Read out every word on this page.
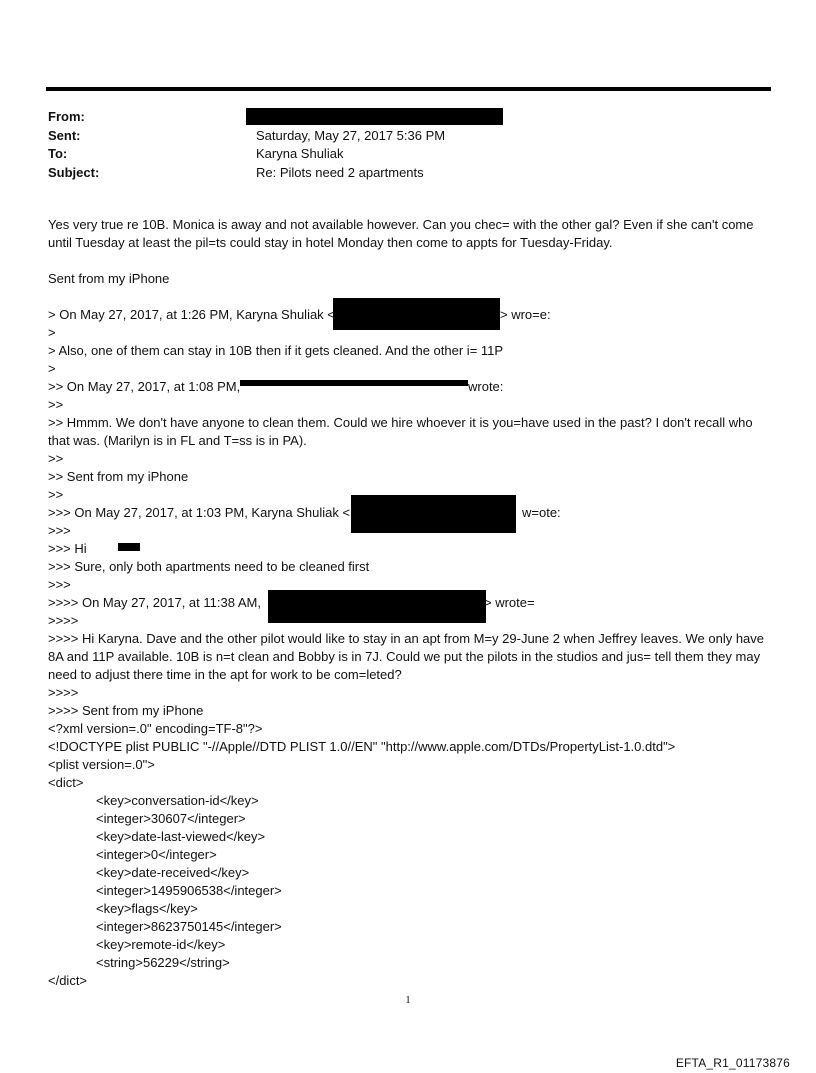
From:
Sent:	Saturday, May 27, 2017 5:36 PM
To:	Karyna Shuliak
Subject:	Re: Pilots need 2 apartments

Yes very true re 10B. Monica is away and not available however. Can you chec= with the other gal? Even if she can't come until Tuesday at least the pil=ts could stay in hotel Monday then come to appts for Tuesday-Friday.

Sent from my iPhone
> On May 27, 2017, at 1:26 PM, Karyna Shuliak <	> wro=e:
>
> Also, one of them can stay in 10B then if it gets cleaned. And the other i= 11P
>
>> On May 27, 2017, at 1:08 PM,	wrote:
>>
>> Hmmm. We don't have anyone to clean them. Could we hire whoever it is you=have used in the past? I don't recall who that was. (Marilyn is in FL and T=ss is in PA).
>>
>> Sent from my iPhone
>>
>>> On May 27, 2017, at 1:03 PM, Karyna Shuliak <	w=ote:
>>>
>>> Hi
>>> Sure, only both apartments need to be cleaned first
>>>
>>>> On May 27, 2017, at 11:38 AM,	> wrote=
>>>>
>>>> Hi Karyna. Dave and the other pilot would like to stay in an apt from M=y 29-June 2 when Jeffrey leaves. We only have 8A and 11P available. 10B is n=t clean and Bobby is in 7J. Could we put the pilots in the studios and jus= tell them they may need to adjust there time in the apt for work to be com=leted?
>>>>
>>>> Sent from my iPhone
<?xml version=.0" encoding=TF-8"?>
<!DOCTYPE plist PUBLIC "-//Apple//DTD PLIST 1.0//EN" "http://www.apple.com/DTDs/PropertyList-1.0.dtd">
<plist version=.0">
<dict>
<key>conversation-id</key>
<integer>30607</integer>
<key>date-last-viewed</key>
<integer>0</integer>
<key>date-received</key>
<integer>1495906538</integer>
<key>flags</key>
<integer>8623750145</integer>
<key>remote-id</key>
<string>56229</string>
</dict>
1
EFTA_R1_01173876
